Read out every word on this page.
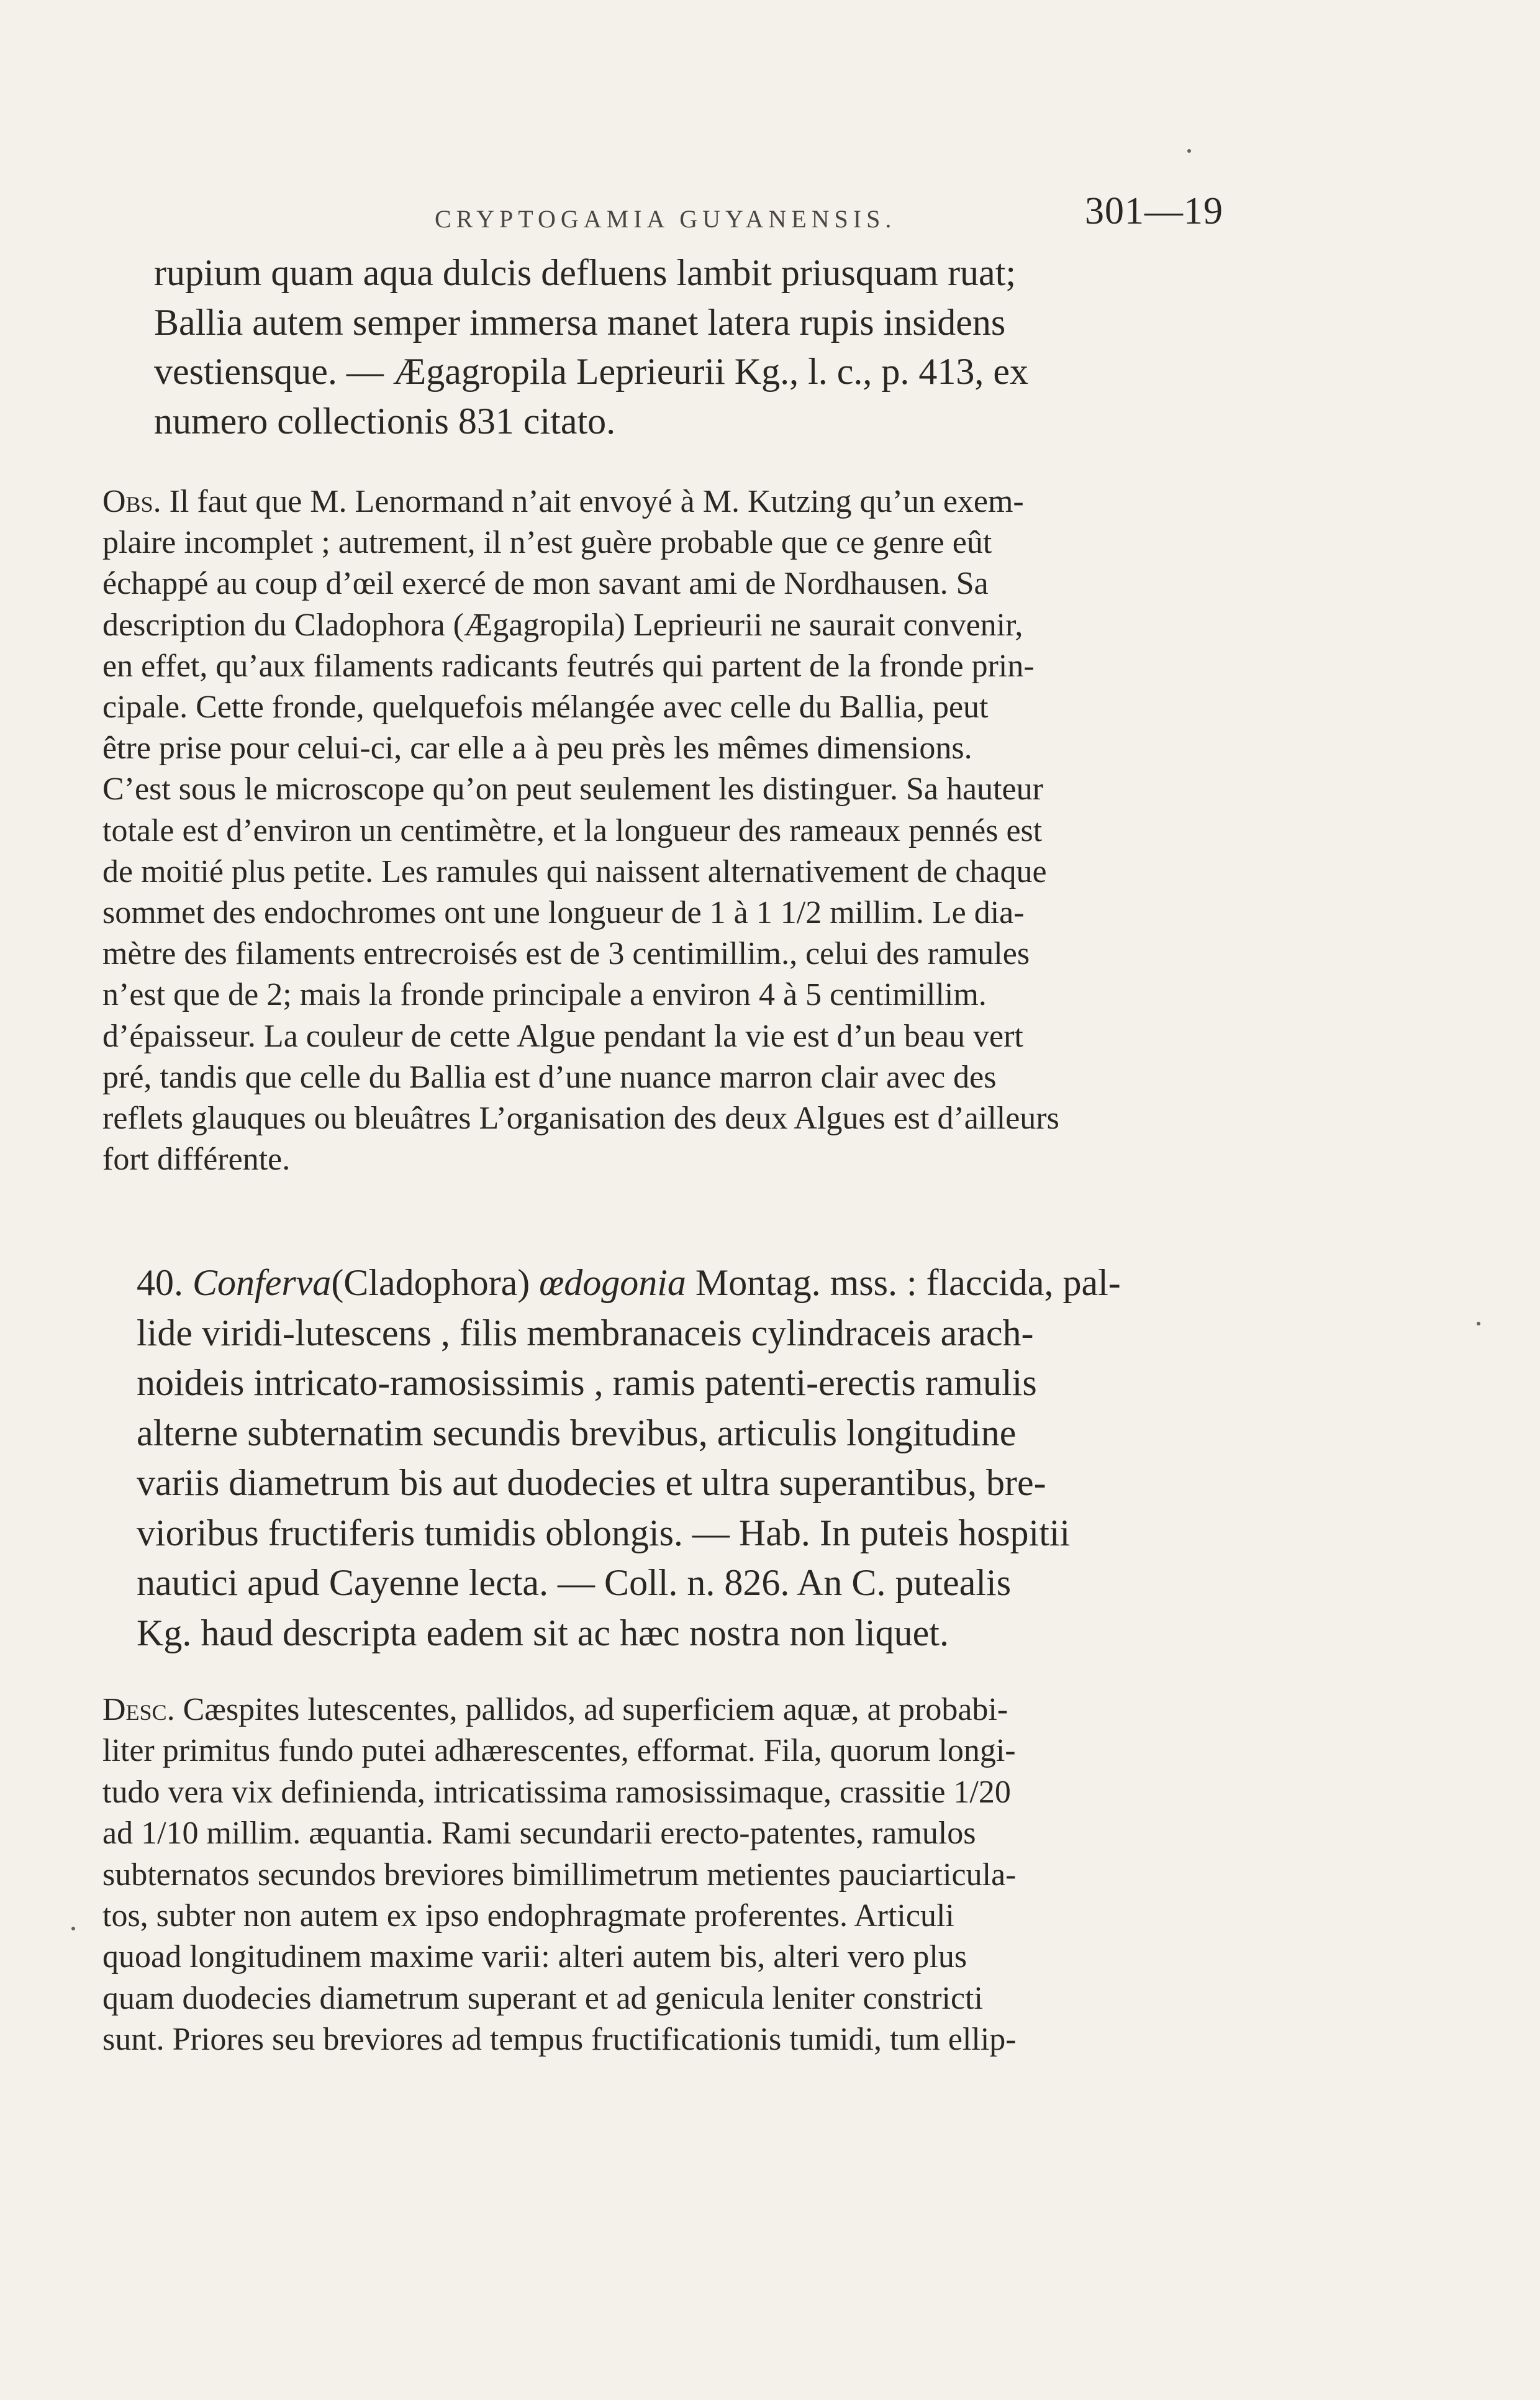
CRYPTOGAMIA GUYANENSIS.	301—19
rupium quam aqua dulcis defluens lambit priusquam ruat;
Ballia autem semper immersa manet latera rupis insidens
vestiensque. — Ægagropila Leprieurii Kg., l. c., p. 413, ex
numero collectionis 831 citato.
Obs. Il faut que M. Lenormand n’ait envoyé à M. Kutzing qu’un exem-
plaire incomplet ; autrement, il n’est guère probable que ce genre eût
échappé au coup d’œil exercé de mon savant ami de Nordhausen. Sa
description du Cladophora (Ægagropila) Leprieurii ne saurait convenir,
en effet, qu’aux filaments radicants feutrés qui partent de la fronde prin-
cipale. Cette fronde, quelquefois mélangée avec celle du Ballia, peut
être prise pour celui-ci, car elle a à peu près les mêmes dimensions.
C’est sous le microscope qu’on peut seulement les distinguer. Sa hauteur
totale est d’environ un centimètre, et la longueur des rameaux pennés est
de moitié plus petite. Les ramules qui naissent alternativement de chaque
sommet des endochromes ont une longueur de 1 à 1 1/2 millim. Le dia-
mètre des filaments entrecroisés est de 3 centimillim., celui des ramules
n’est que de 2; mais la fronde principale a environ 4 à 5 centimillim.
d’épaisseur. La couleur de cette Algue pendant la vie est d’un beau vert
pré, tandis que celle du Ballia est d’une nuance marron clair avec des
reflets glauques ou bleuâtres L’organisation des deux Algues est d’ailleurs
fort différente.
40. Conferva(Cladophora) œdogonia Montag. mss. : flaccida, pal-
lide viridi-lutescens , filis membranaceis cylindraceis arach-
noideis intricato-ramosissimis , ramis patenti-erectis ramulis
alterne subternatim secundis brevibus, articulis longitudine
variis diametrum bis aut duodecies et ultra superantibus, bre-
vioribus fructiferis tumidis oblongis. — Hab. In puteis hospitii
nautici apud Cayenne lecta. — Coll. n. 826. An C. putealis
Kg. haud descripta eadem sit ac hæc nostra non liquet.
Desc. Cæspites lutescentes, pallidos, ad superficiem aquæ, at probabi-
liter primitus fundo putei adhærescentes, efformat. Fila, quorum longi-
tudo vera vix definienda, intricatissima ramosissimaque, crassitie 1/20
ad 1/10 millim. æquantia. Rami secundarii erecto-patentes, ramulos
subternatos secundos breviores bimillimetrum metientes pauciarticula-
tos, subter non autem ex ipso endophragmate proferentes. Articuli
quoad longitudinem maxime varii: alteri autem bis, alteri vero plus
quam duodecies diametrum superant et ad genicula leniter constricti
sunt. Priores seu breviores ad tempus fructificationis tumidi, tum ellip-
